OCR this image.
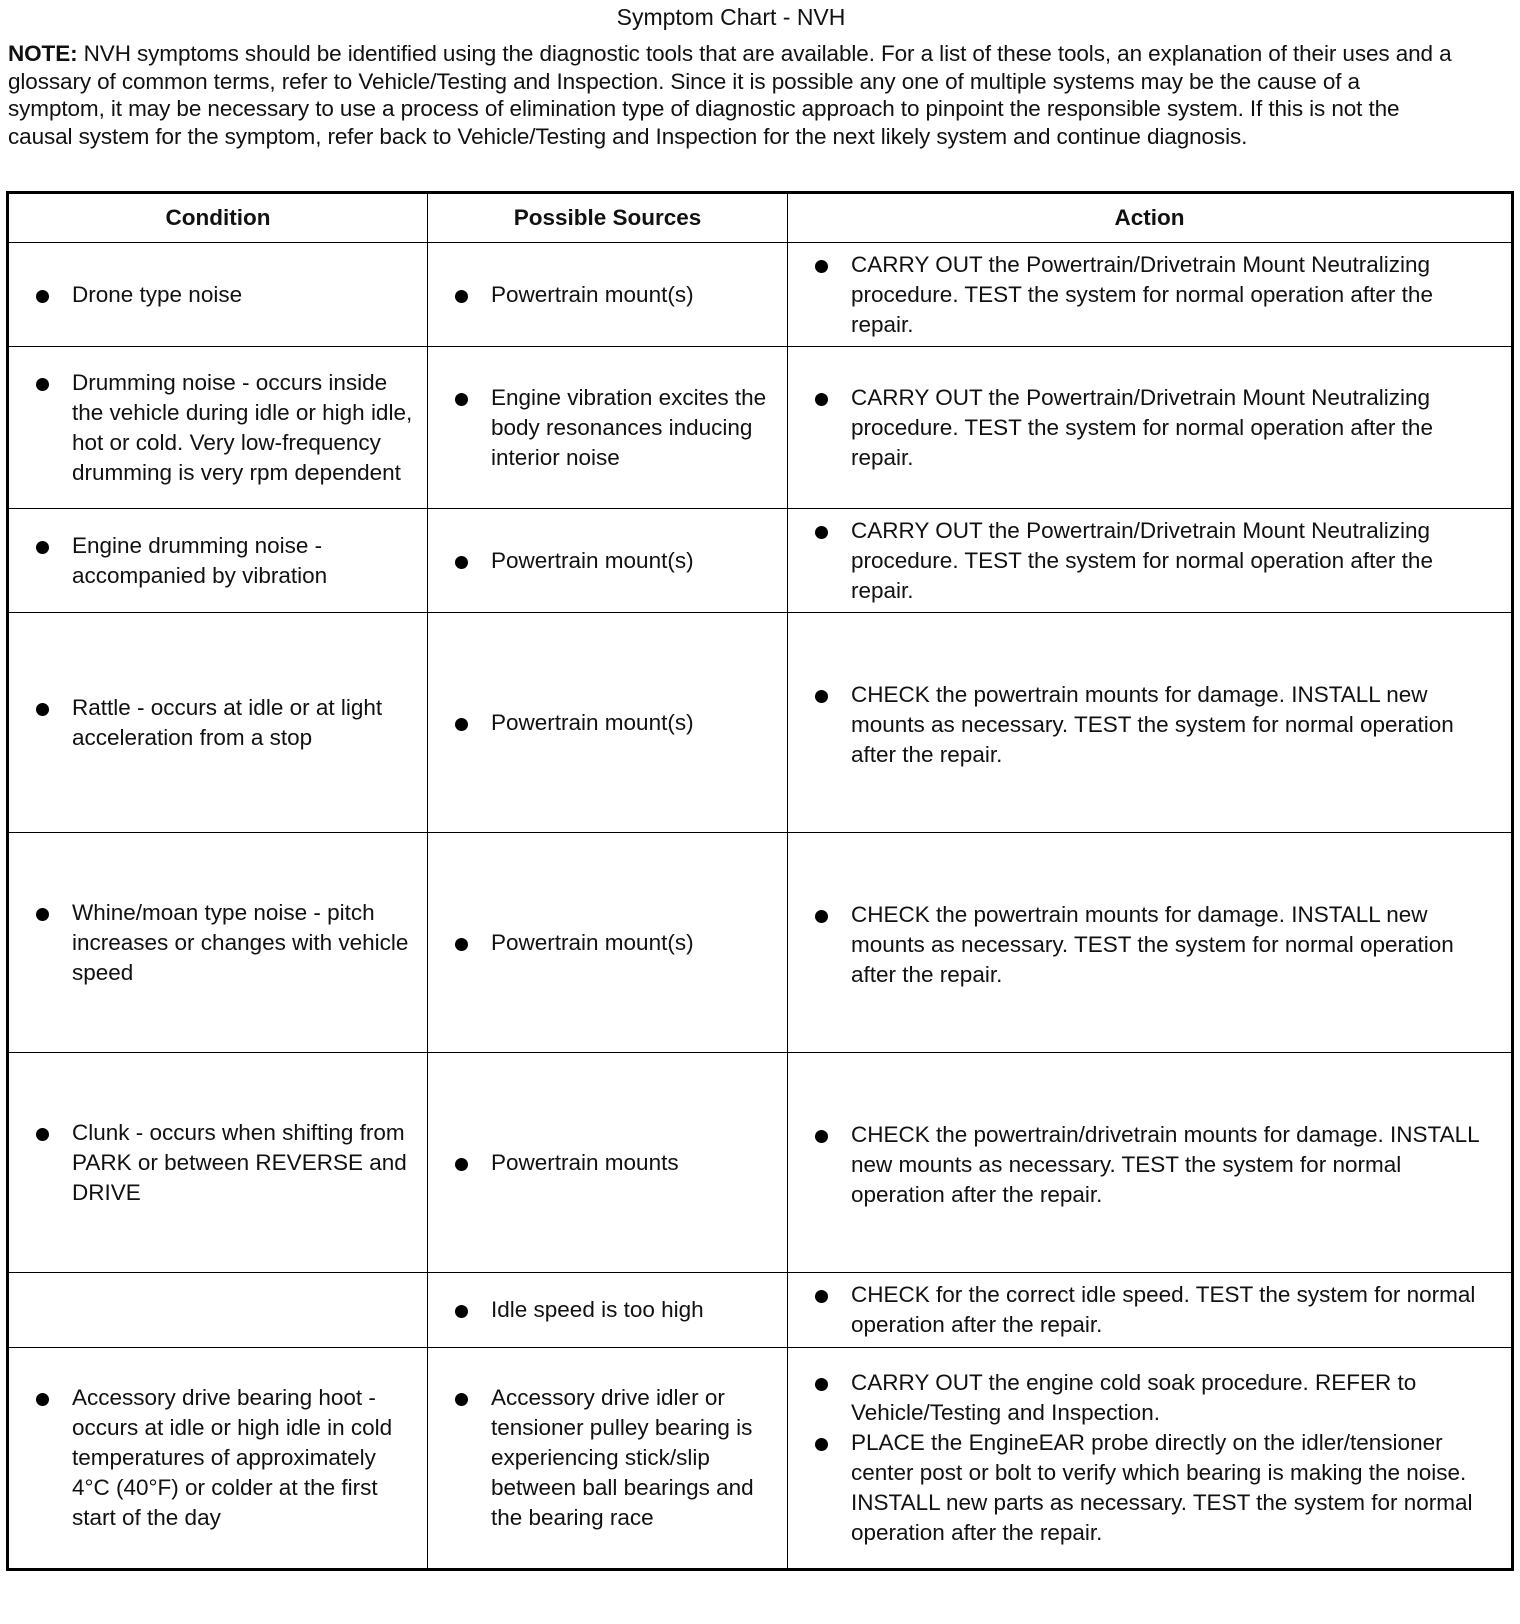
Symptom Chart - NVH
NOTE: NVH symptoms should be identified using the diagnostic tools that are available. For a list of these tools, an explanation of their uses and a glossary of common terms, refer to Vehicle/Testing and Inspection. Since it is possible any one of multiple systems may be the cause of a symptom, it may be necessary to use a process of elimination type of diagnostic approach to pinpoint the responsible system. If this is not the causal system for the symptom, refer back to Vehicle/Testing and Inspection for the next likely system and continue diagnosis.
Condition	Possible Sources	Action

Drone type noise	Powertrain mount(s)	CARRY OUT the Powertrain/Drivetrain Mount Neutralizing procedure. TEST the system for normal operation after the repair.

Drumming noise - occurs inside the vehicle during idle or high idle, hot or cold. Very low-frequency drumming is very rpm dependent	Engine vibration excites the body resonances inducing interior noise	CARRY OUT the Powertrain/Drivetrain Mount Neutralizing procedure. TEST the system for normal operation after the repair.

Engine drumming noise - accompanied by vibration	Powertrain mount(s)	CARRY OUT the Powertrain/Drivetrain Mount Neutralizing procedure. TEST the system for normal operation after the repair.

Rattle - occurs at idle or at light acceleration from a stop	Powertrain mount(s)	CHECK the powertrain mounts for damage. INSTALL new mounts as necessary. TEST the system for normal operation after the repair.

Whine/moan type noise - pitch increases or changes with vehicle speed	Powertrain mount(s)	CHECK the powertrain mounts for damage. INSTALL new mounts as necessary. TEST the system for normal operation after the repair.

Clunk - occurs when shifting from PARK or between REVERSE and DRIVE	Powertrain mounts	CHECK the powertrain/drivetrain mounts for damage. INSTALL new mounts as necessary. TEST the system for normal operation after the repair.

	Idle speed is too high	CHECK for the correct idle speed. TEST the system for normal operation after the repair.

Accessory drive bearing hoot - occurs at idle or high idle in cold temperatures of approximately 4°C (40°F) or colder at the first start of the day	Accessory drive idler or tensioner pulley bearing is experiencing stick/slip between ball bearings and the bearing race	CARRY OUT the engine cold soak procedure. REFER to Vehicle/Testing and Inspection.
PLACE the EngineEAR probe directly on the idler/tensioner center post or bolt to verify which bearing is making the noise. INSTALL new parts as necessary. TEST the system for normal operation after the repair.
